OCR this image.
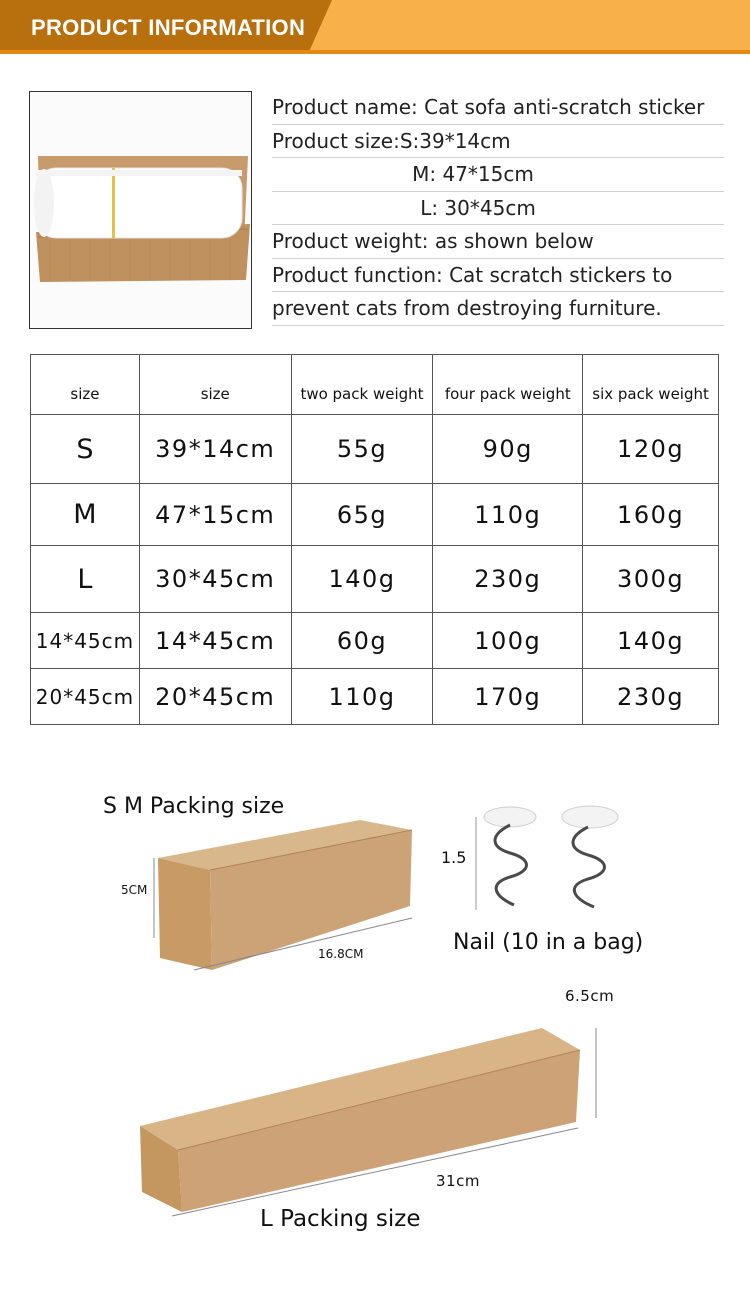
PRODUCT INFORMATION
Product name: Cat sofa anti-scratch sticker
Product size:S:39*14cm
M: 47*15cm
L: 30*45cm
Product weight: as shown below
Product function: Cat scratch stickers to
prevent cats from destroying furniture.
size	size	two pack weight	four pack weight	six pack weight
S	39*14cm	55g	90g	120g
M	47*15cm	65g	110g	160g
L	30*45cm	140g	230g	300g
14*45cm	14*45cm	60g	100g	140g
20*45cm	20*45cm	110g	170g	230g
S M Packing size
5CM
16.8CM
1.5
Nail (10 in a bag)
6.5cm
31cm
L Packing size
